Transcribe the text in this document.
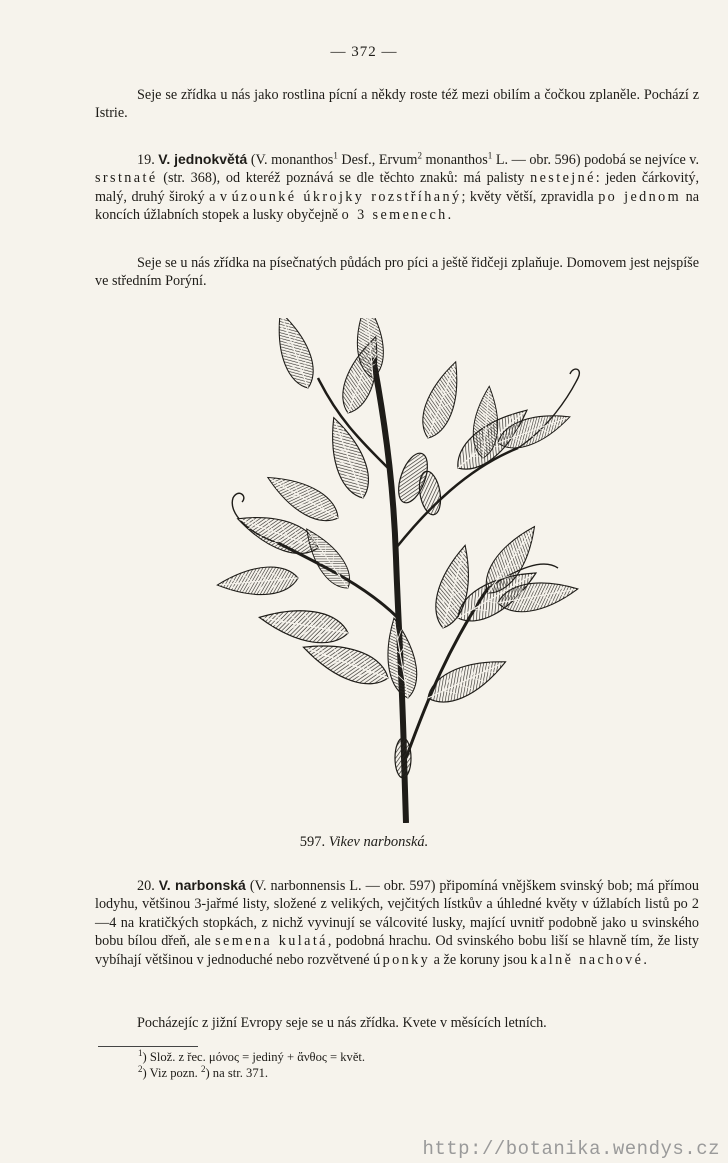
— 372 —

Seje se zřídka u nás jako rostlina pícní a někdy roste též mezi obilím a čočkou zplaněle. Pochází z Istrie.

19. V. jednokvětá (V. monanthos$^1$ Desf., Ervum$^2$ monanthos$^1$ L. — obr. 596) podobá se nejvíce v. srstnaté (str. 368), od kteréž poznává se dle těchto znaků: má palisty nestejné: jeden čárkovitý, malý, druhý široký a v úzounké úkrojky rozstříhaný; květy větší, zpravidla po jednom na koncích úžlabních stopek a lusky obyčejně o 3 semenech.

Seje se u nás zřídka na písečnatých půdách pro píci a ještě řidčeji zplaňuje. Domovem jest nejspíše ve středním Porýní.

597. Vikev narbonská.

20. V. narbonská (V. narbonnensis L. — obr. 597) připomíná vnějškem svinský bob; má přímou lodyhu, většinou 3-jařmé listy, složené z velikých, vejčitých lístkův a úhledné květy v úžlabích listů po 2—4 na kratičkých stopkách, z nichž vyvinují se válcovité lusky, mající uvnitř podobně jako u svinského bobu bílou dřeň, ale semena kulatá, podobná hrachu. Od svinského bobu liší se hlavně tím, že listy vybíhají většinou v jednoduché nebo rozvětvené úponky a že koruny jsou kalně nachové.

Pocházejíc z jižní Evropy seje se u nás zřídka. Kvete v měsících letních.

$^1$) Slož. z řec. μόνος = jediný + ἄνθος = květ.
$^2$) Viz pozn. $^2$) na str. 371.
http://botanika.wendys.cz
